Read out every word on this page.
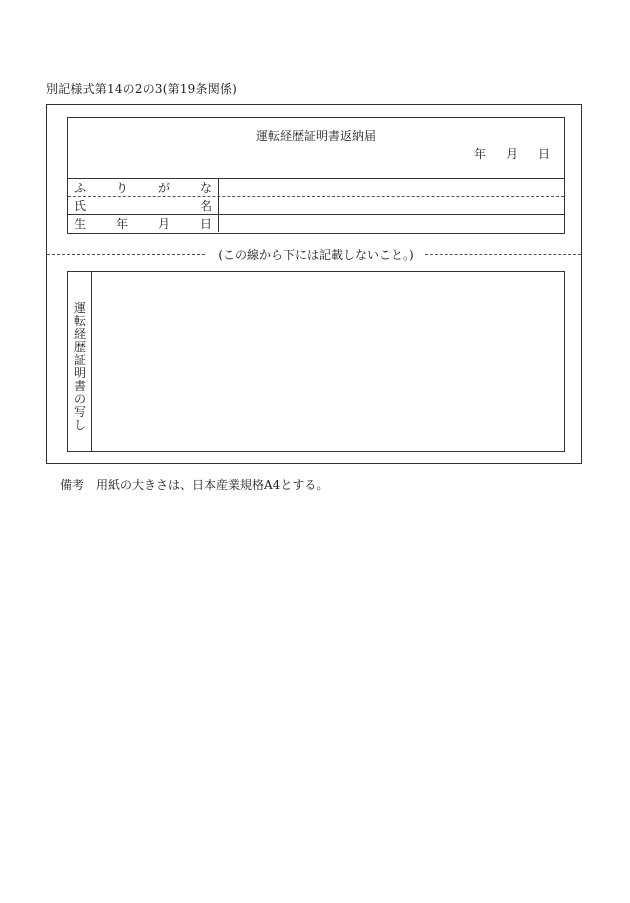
別記様式第14の2の3(第19条関係)
運転経歴証明書返納届
年 月 日
ふ り が な
氏	名
生 年 月 日
(この線から下には記載しないこと。)
運転経歴証明書の写し
備考 用紙の大きさは、日本産業規格A4とする。
